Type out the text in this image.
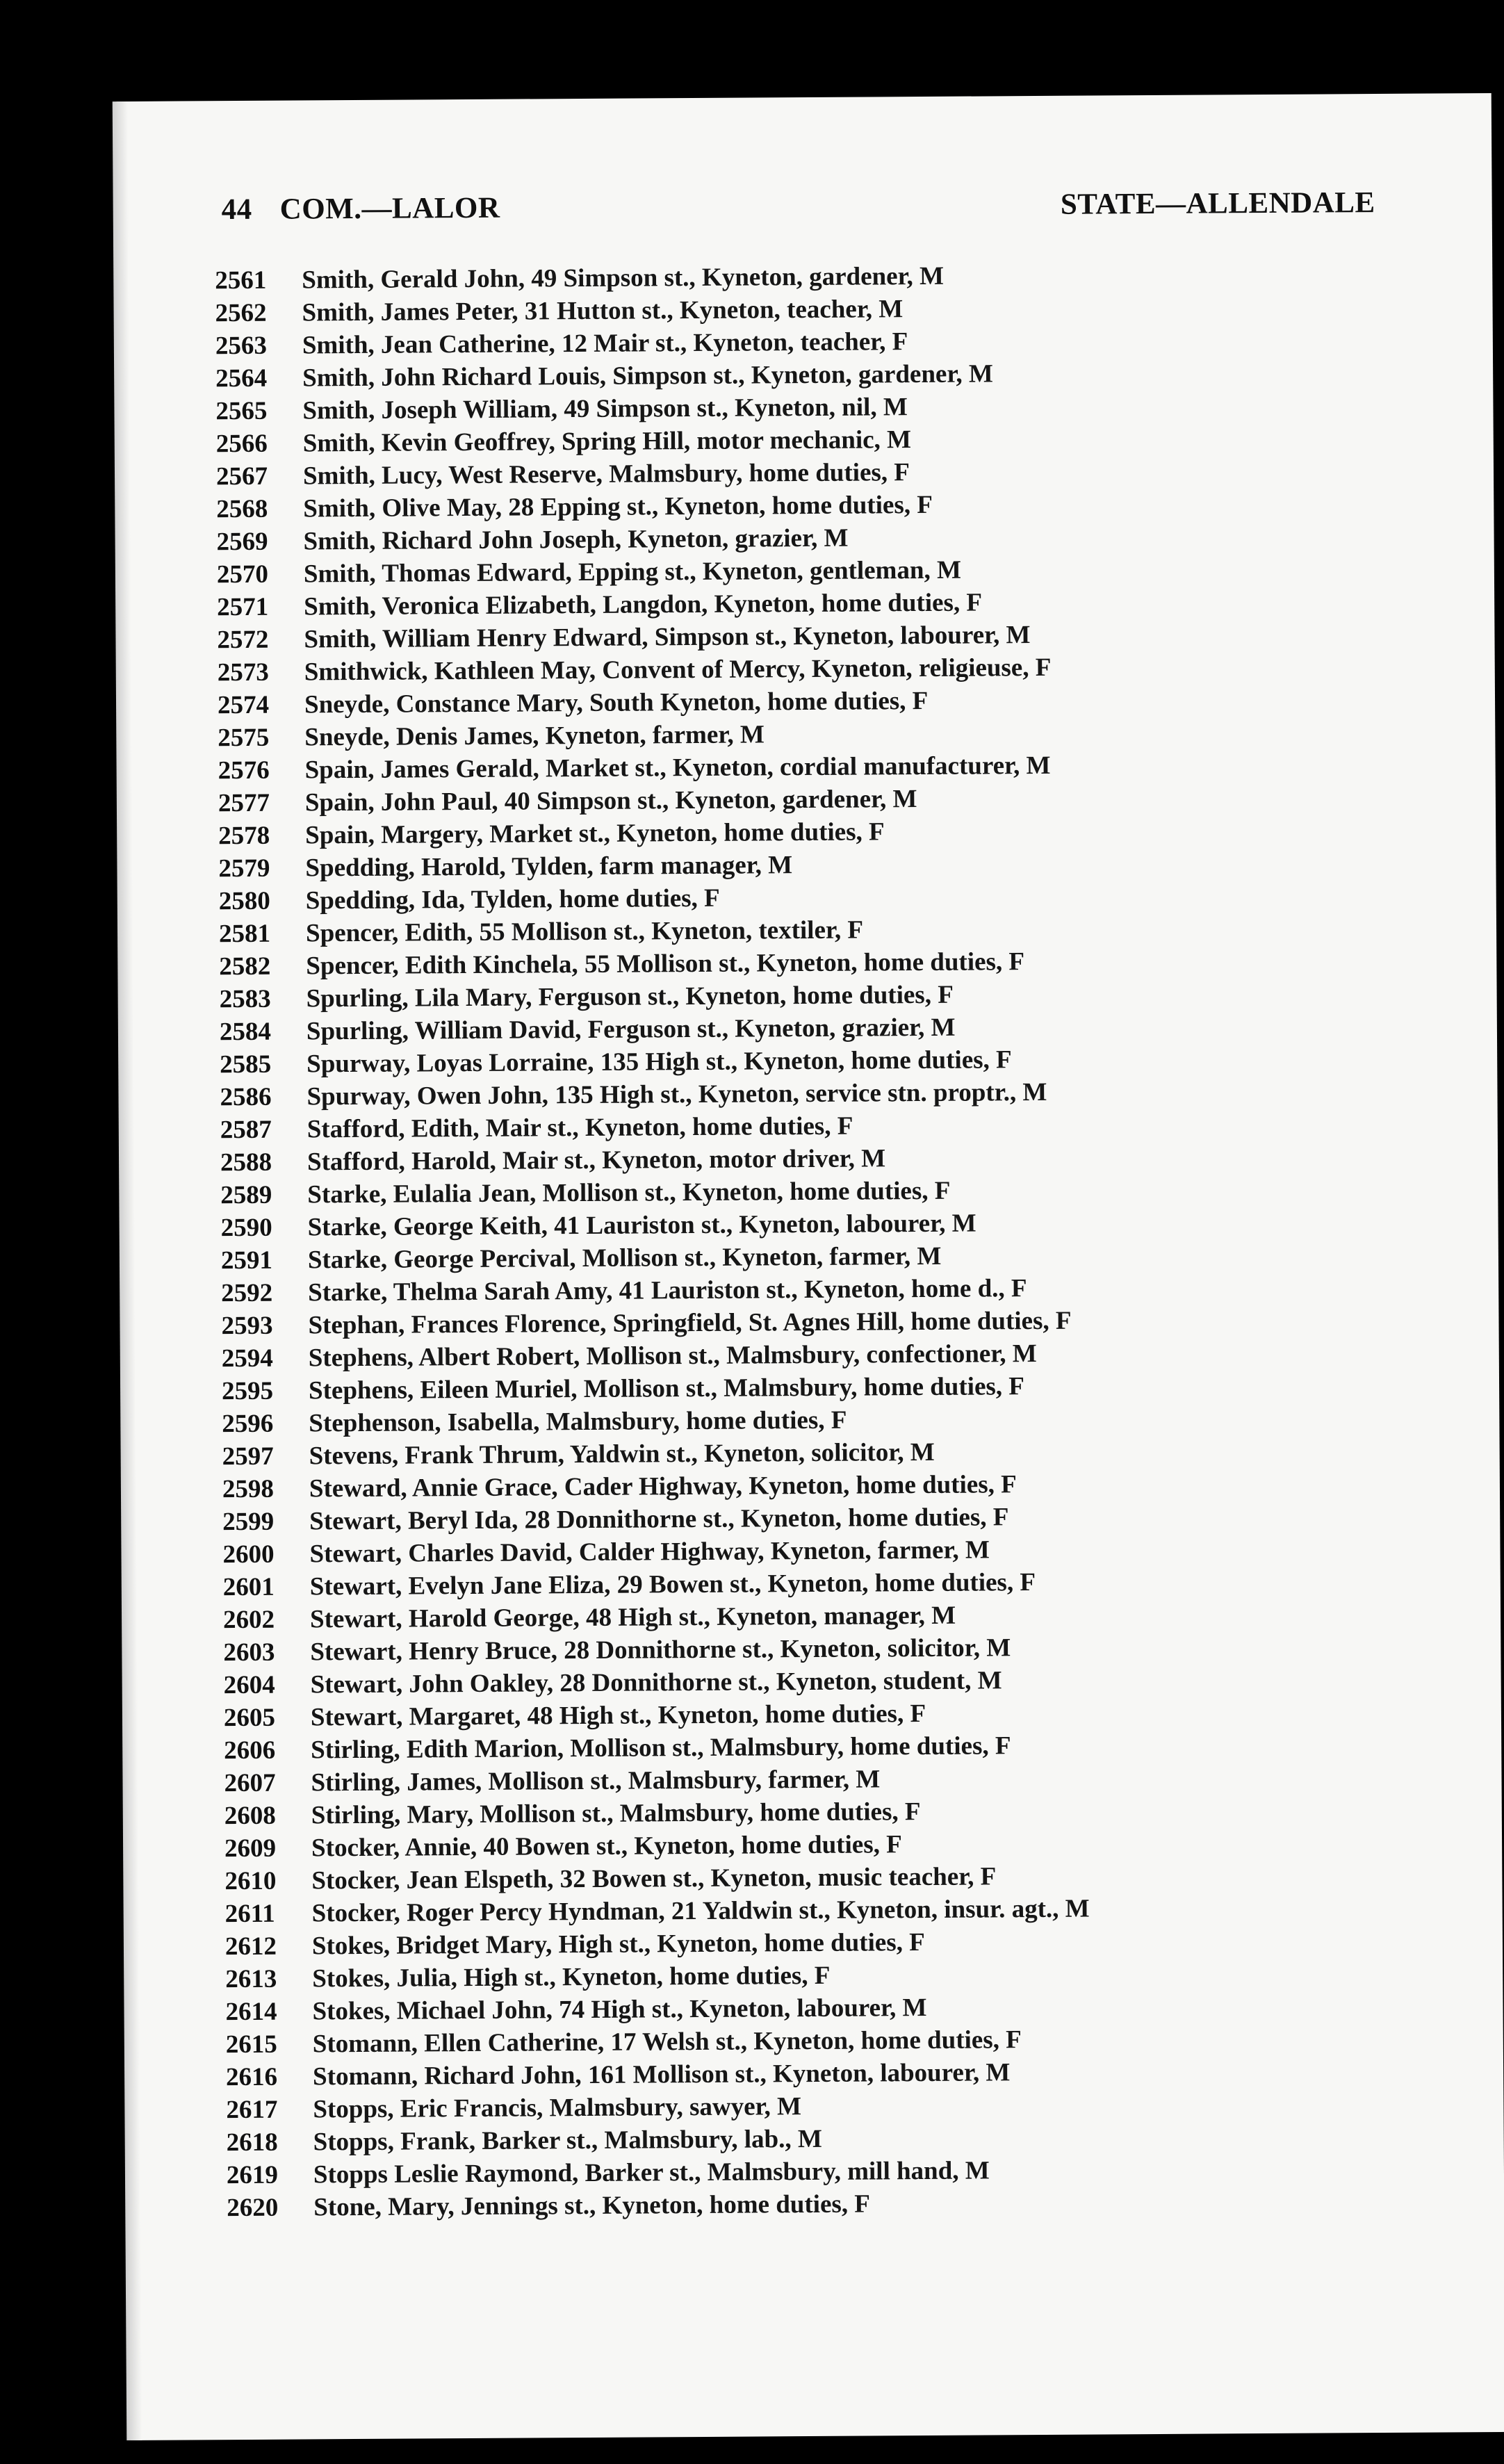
44 COM.—LALOR	STATE—ALLENDALE
2561	Smith, Gerald John, 49 Simpson st., Kyneton, gardener, M
2562	Smith, James Peter, 31 Hutton st., Kyneton, teacher, M
2563	Smith, Jean Catherine, 12 Mair st., Kyneton, teacher, F
2564	Smith, John Richard Louis, Simpson st., Kyneton, gardener, M
2565	Smith, Joseph William, 49 Simpson st., Kyneton, nil, M
2566	Smith, Kevin Geoffrey, Spring Hill, motor mechanic, M
2567	Smith, Lucy, West Reserve, Malmsbury, home duties, F
2568	Smith, Olive May, 28 Epping st., Kyneton, home duties, F
2569	Smith, Richard John Joseph, Kyneton, grazier, M
2570	Smith, Thomas Edward, Epping st., Kyneton, gentleman, M
2571	Smith, Veronica Elizabeth, Langdon, Kyneton, home duties, F
2572	Smith, William Henry Edward, Simpson st., Kyneton, labourer, M
2573	Smithwick, Kathleen May, Convent of Mercy, Kyneton, religieuse, F
2574	Sneyde, Constance Mary, South Kyneton, home duties, F
2575	Sneyde, Denis James, Kyneton, farmer, M
2576	Spain, James Gerald, Market st., Kyneton, cordial manufacturer, M
2577	Spain, John Paul, 40 Simpson st., Kyneton, gardener, M
2578	Spain, Margery, Market st., Kyneton, home duties, F
2579	Spedding, Harold, Tylden, farm manager, M
2580	Spedding, Ida, Tylden, home duties, F
2581	Spencer, Edith, 55 Mollison st., Kyneton, textiler, F
2582	Spencer, Edith Kinchela, 55 Mollison st., Kyneton, home duties, F
2583	Spurling, Lila Mary, Ferguson st., Kyneton, home duties, F
2584	Spurling, William David, Ferguson st., Kyneton, grazier, M
2585	Spurway, Loyas Lorraine, 135 High st., Kyneton, home duties, F
2586	Spurway, Owen John, 135 High st., Kyneton, service stn. proptr., M
2587	Stafford, Edith, Mair st., Kyneton, home duties, F
2588	Stafford, Harold, Mair st., Kyneton, motor driver, M
2589	Starke, Eulalia Jean, Mollison st., Kyneton, home duties, F
2590	Starke, George Keith, 41 Lauriston st., Kyneton, labourer, M
2591	Starke, George Percival, Mollison st., Kyneton, farmer, M
2592	Starke, Thelma Sarah Amy, 41 Lauriston st., Kyneton, home d., F
2593	Stephan, Frances Florence, Springfield, St. Agnes Hill, home duties, F
2594	Stephens, Albert Robert, Mollison st., Malmsbury, confectioner, M
2595	Stephens, Eileen Muriel, Mollison st., Malmsbury, home duties, F
2596	Stephenson, Isabella, Malmsbury, home duties, F
2597	Stevens, Frank Thrum, Yaldwin st., Kyneton, solicitor, M
2598	Steward, Annie Grace, Cader Highway, Kyneton, home duties, F
2599	Stewart, Beryl Ida, 28 Donnithorne st., Kyneton, home duties, F
2600	Stewart, Charles David, Calder Highway, Kyneton, farmer, M
2601	Stewart, Evelyn Jane Eliza, 29 Bowen st., Kyneton, home duties, F
2602	Stewart, Harold George, 48 High st., Kyneton, manager, M
2603	Stewart, Henry Bruce, 28 Donnithorne st., Kyneton, solicitor, M
2604	Stewart, John Oakley, 28 Donnithorne st., Kyneton, student, M
2605	Stewart, Margaret, 48 High st., Kyneton, home duties, F
2606	Stirling, Edith Marion, Mollison st., Malmsbury, home duties, F
2607	Stirling, James, Mollison st., Malmsbury, farmer, M
2608	Stirling, Mary, Mollison st., Malmsbury, home duties, F
2609	Stocker, Annie, 40 Bowen st., Kyneton, home duties, F
2610	Stocker, Jean Elspeth, 32 Bowen st., Kyneton, music teacher, F
2611	Stocker, Roger Percy Hyndman, 21 Yaldwin st., Kyneton, insur. agt., M
2612	Stokes, Bridget Mary, High st., Kyneton, home duties, F
2613	Stokes, Julia, High st., Kyneton, home duties, F
2614	Stokes, Michael John, 74 High st., Kyneton, labourer, M
2615	Stomann, Ellen Catherine, 17 Welsh st., Kyneton, home duties, F
2616	Stomann, Richard John, 161 Mollison st., Kyneton, labourer, M
2617	Stopps, Eric Francis, Malmsbury, sawyer, M
2618	Stopps, Frank, Barker st., Malmsbury, lab., M
2619	Stopps Leslie Raymond, Barker st., Malmsbury, mill hand, M
2620	Stone, Mary, Jennings st., Kyneton, home duties, F
